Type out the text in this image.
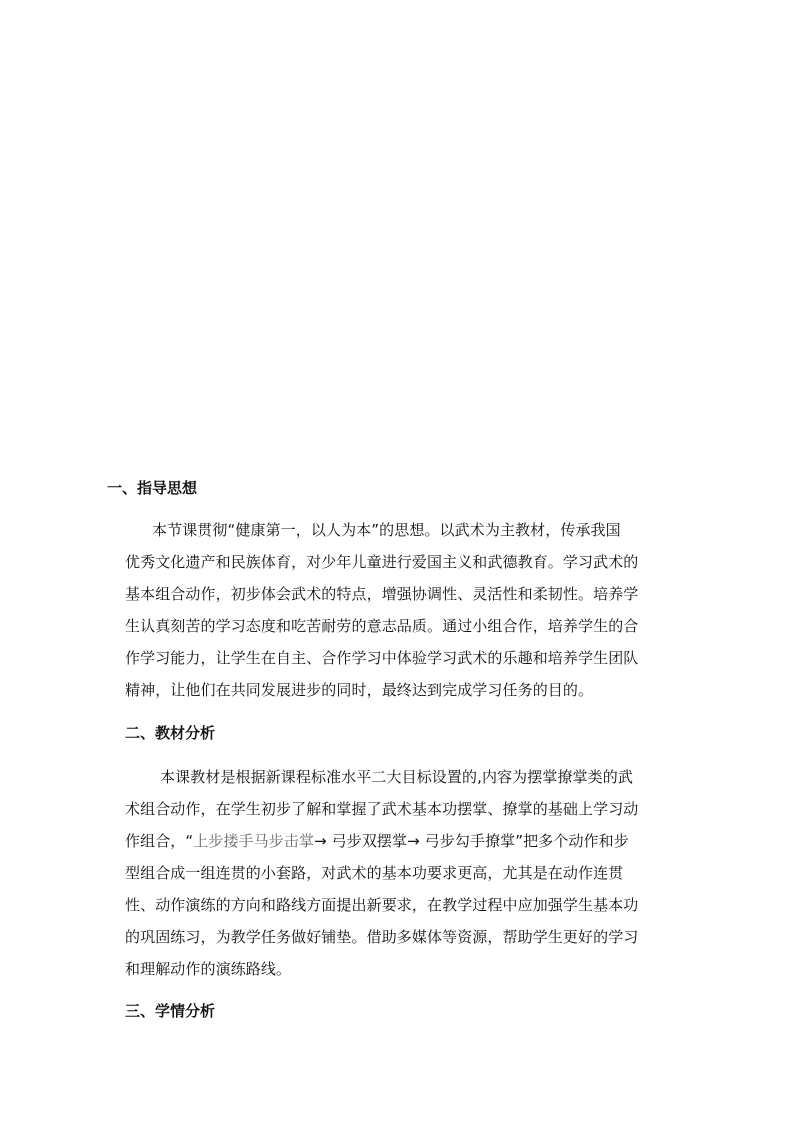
一、指导思想
本节课贯彻“健康第一，以人为本”的思想。以武术为主教材，传承我国
优秀文化遗产和民族体育，对少年儿童进行爱国主义和武德教育。学习武术的
基本组合动作，初步体会武术的特点，增强协调性、灵活性和柔韧性。培养学
生认真刻苦的学习态度和吃苦耐劳的意志品质。通过小组合作，培养学生的合
作学习能力，让学生在自主、合作学习中体验学习武术的乐趣和培养学生团队
精神，让他们在共同发展进步的同时，最终达到完成学习任务的目的。
二、教材分析
本课教材是根据新课程标准水平二大目标设置的,内容为摆掌撩掌类的武
术组合动作，在学生初步了解和掌握了武术基本功摆掌、撩掌的基础上学习动
作组合，“上步搂手马步击掌→ 弓步双摆掌→ 弓步勾手撩掌”把多个动作和步
型组合成一组连贯的小套路，对武术的基本功要求更高，尤其是在动作连贯
性、动作演练的方向和路线方面提出新要求，在教学过程中应加强学生基本功
的巩固练习，为教学任务做好铺垫。借助多媒体等资源，帮助学生更好的学习
和理解动作的演练路线。
三、学情分析
